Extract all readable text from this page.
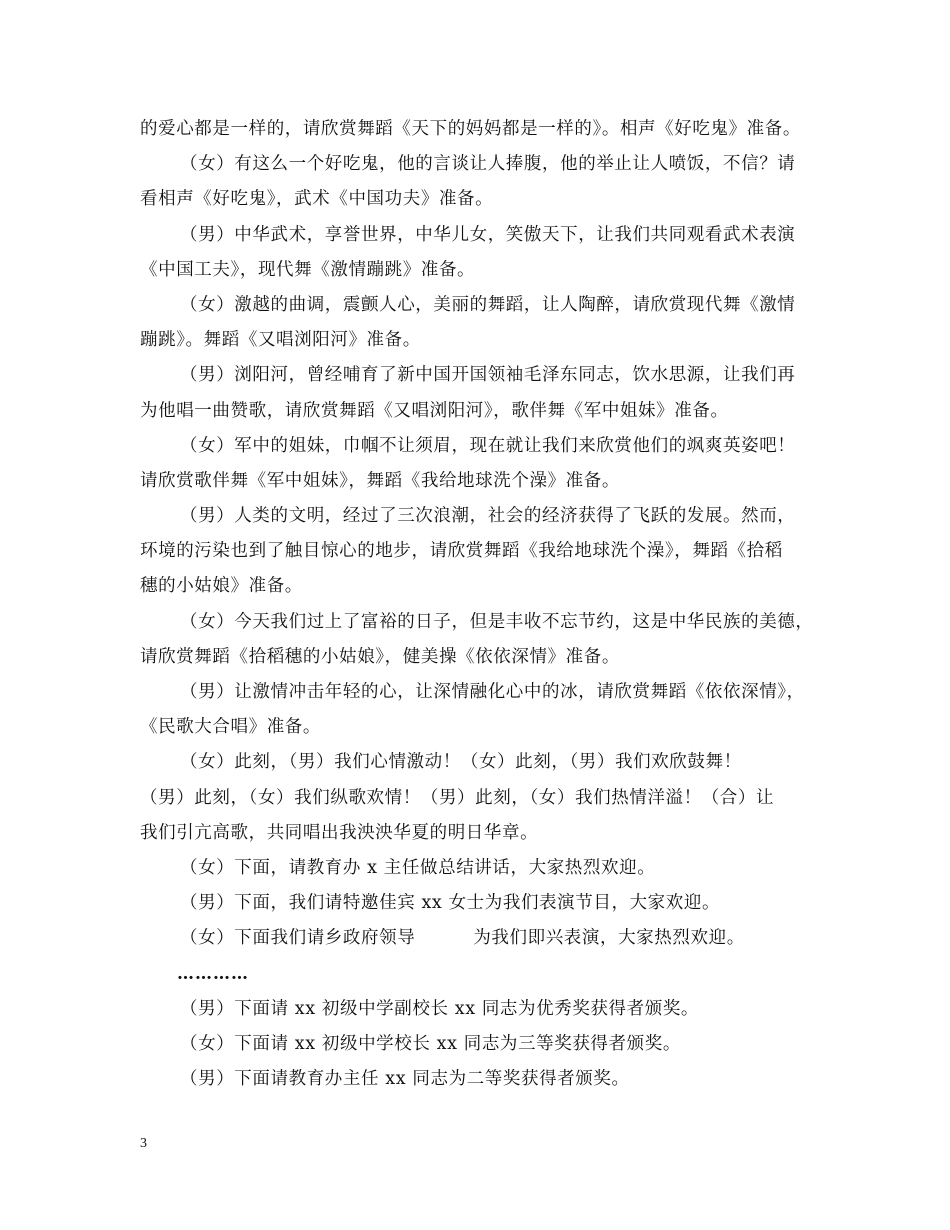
的爱心都是一样的，请欣赏舞蹈《天下的妈妈都是一样的》。相声《好吃鬼》准备。
（女）有这么一个好吃鬼，他的言谈让人捧腹，他的举止让人喷饭，不信？请
看相声《好吃鬼》，武术《中国功夫》准备。
（男）中华武术，享誉世界，中华儿女，笑傲天下，让我们共同观看武术表演
《中国工夫》，现代舞《激情蹦跳》准备。
（女）激越的曲调，震颤人心，美丽的舞蹈，让人陶醉，请欣赏现代舞《激情
蹦跳》。舞蹈《又唱浏阳河》准备。
（男）浏阳河，曾经哺育了新中国开国领袖毛泽东同志，饮水思源，让我们再
为他唱一曲赞歌，请欣赏舞蹈《又唱浏阳河》，歌伴舞《军中姐妹》准备。
（女）军中的姐妹，巾帼不让须眉，现在就让我们来欣赏他们的飒爽英姿吧！
请欣赏歌伴舞《军中姐妹》，舞蹈《我给地球洗个澡》准备。
（男）人类的文明，经过了三次浪潮，社会的经济获得了飞跃的发展。然而，
环境的污染也到了触目惊心的地步，请欣赏舞蹈《我给地球洗个澡》，舞蹈《拾稻
穗的小姑娘》准备。
（女）今天我们过上了富裕的日子，但是丰收不忘节约，这是中华民族的美德，
请欣赏舞蹈《拾稻穗的小姑娘》，健美操《依依深情》准备。
（男）让激情冲击年轻的心，让深情融化心中的冰，请欣赏舞蹈《依依深情》，
《民歌大合唱》准备。
（女）此刻，（男）我们心情激动！（女）此刻，（男）我们欢欣鼓舞！
（男）此刻，（女）我们纵歌欢情！（男）此刻，（女）我们热情洋溢！（合）让
我们引亢高歌，共同唱出我泱泱华夏的明日华章。
（女）下面，请教育办 x 主任做总结讲话，大家热烈欢迎。
（男）下面，我们请特邀佳宾 xx 女士为我们表演节目，大家欢迎。
（女）下面我们请乡政府领导	为我们即兴表演，大家热烈欢迎。
…………
（男）下面请 xx 初级中学副校长 xx 同志为优秀奖获得者颁奖。
（女）下面请 xx 初级中学校长 xx 同志为三等奖获得者颁奖。
（男）下面请教育办主任 xx 同志为二等奖获得者颁奖。
3
